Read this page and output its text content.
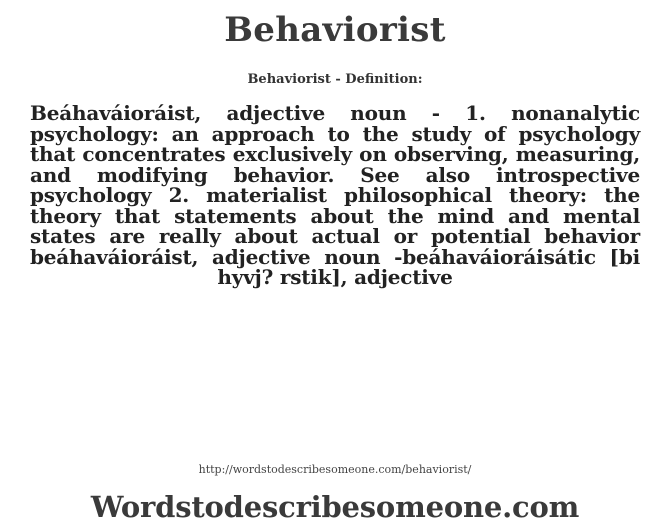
Behaviorist
Behaviorist - Definition:
Beáhaváioráist, adjective noun - 1. nonanalytic psychology: an approach to the study of psychology that concentrates exclusively on observing, measuring, and modifying behavior. See also introspective psychology 2. materialist philosophical theory: the theory that statements about the mind and mental states are really about actual or potential behavior beáhaváioráist, adjective noun -beáhaváioráisátic [bi hyvj? rstik], adjective
http://wordstodescribesomeone.com/behaviorist/
Wordstodescribesomeone.com
